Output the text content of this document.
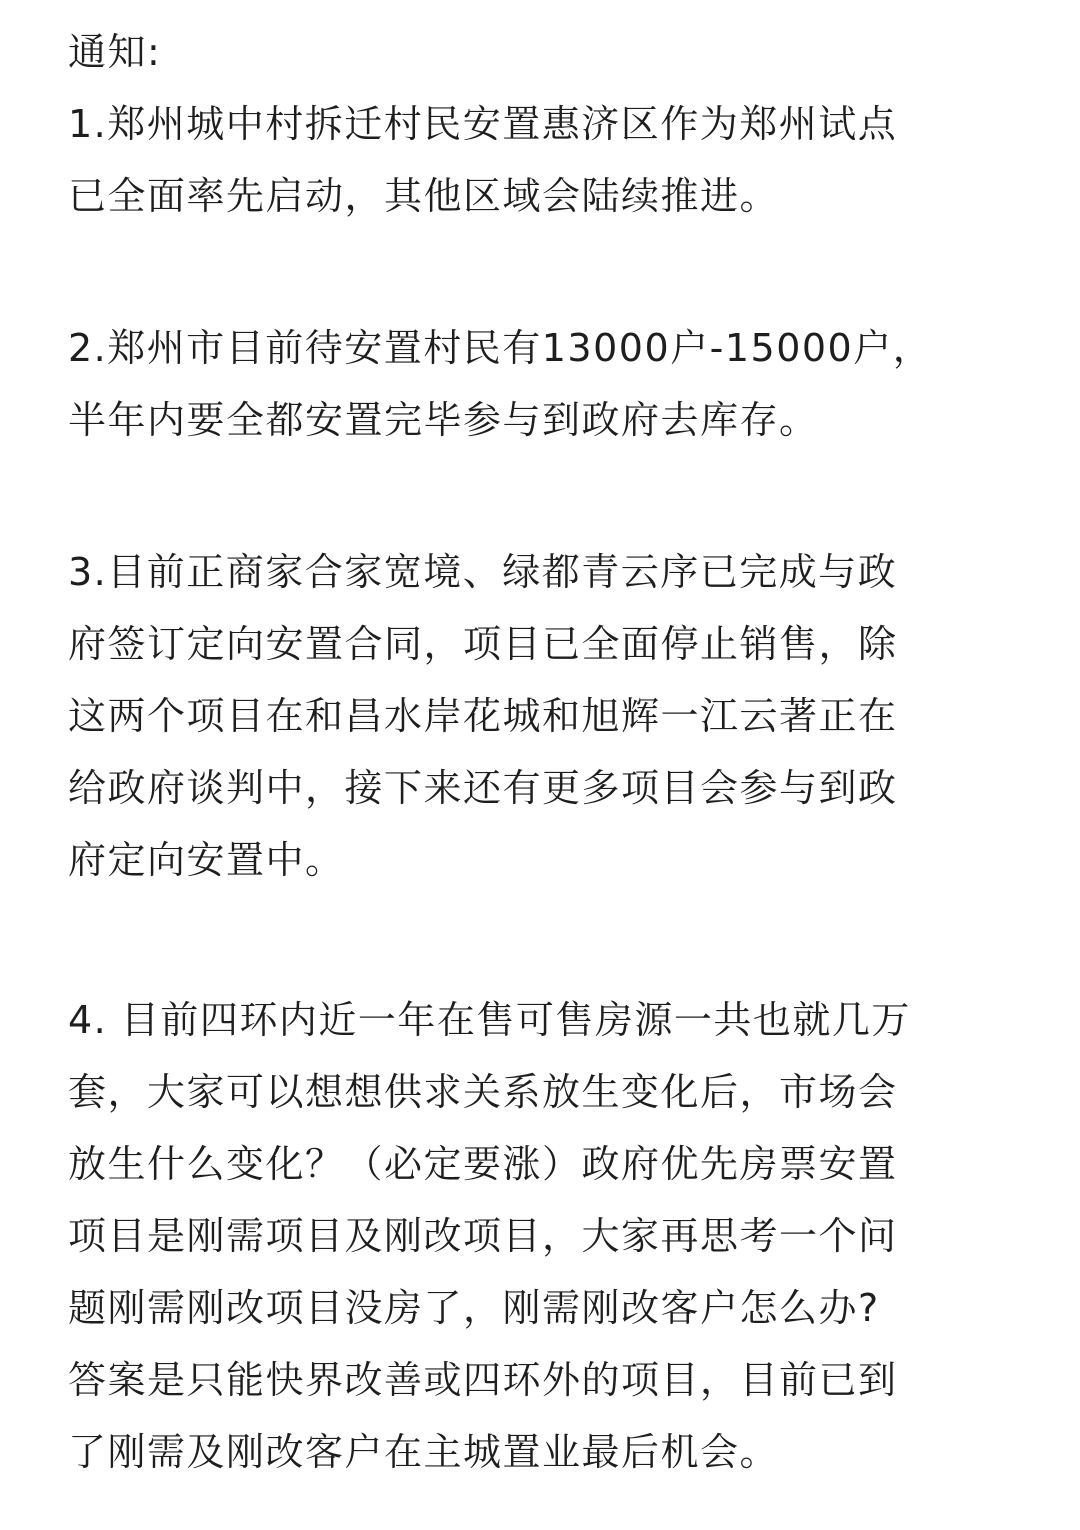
通知:
1.郑州城中村拆迁村民安置惠济区作为郑州试点
已全面率先启动，其他区域会陆续推进。
2.郑州市目前待安置村民有13000户-15000户，
半年内要全都安置完毕参与到政府去库存。
3.目前正商家合家宽境、绿都青云序已完成与政
府签订定向安置合同，项目已全面停止销售，除
这两个项目在和昌水岸花城和旭辉一江云著正在
给政府谈判中，接下来还有更多项目会参与到政
府定向安置中。
4. 目前四环内近一年在售可售房源一共也就几万
套，大家可以想想供求关系放生变化后，市场会
放生什么变化？（必定要涨）政府优先房票安置
项目是刚需项目及刚改项目，大家再思考一个问
题刚需刚改项目没房了，刚需刚改客户怎么办?
答案是只能快界改善或四环外的项目，目前已到
了刚需及刚改客户在主城置业最后机会。
